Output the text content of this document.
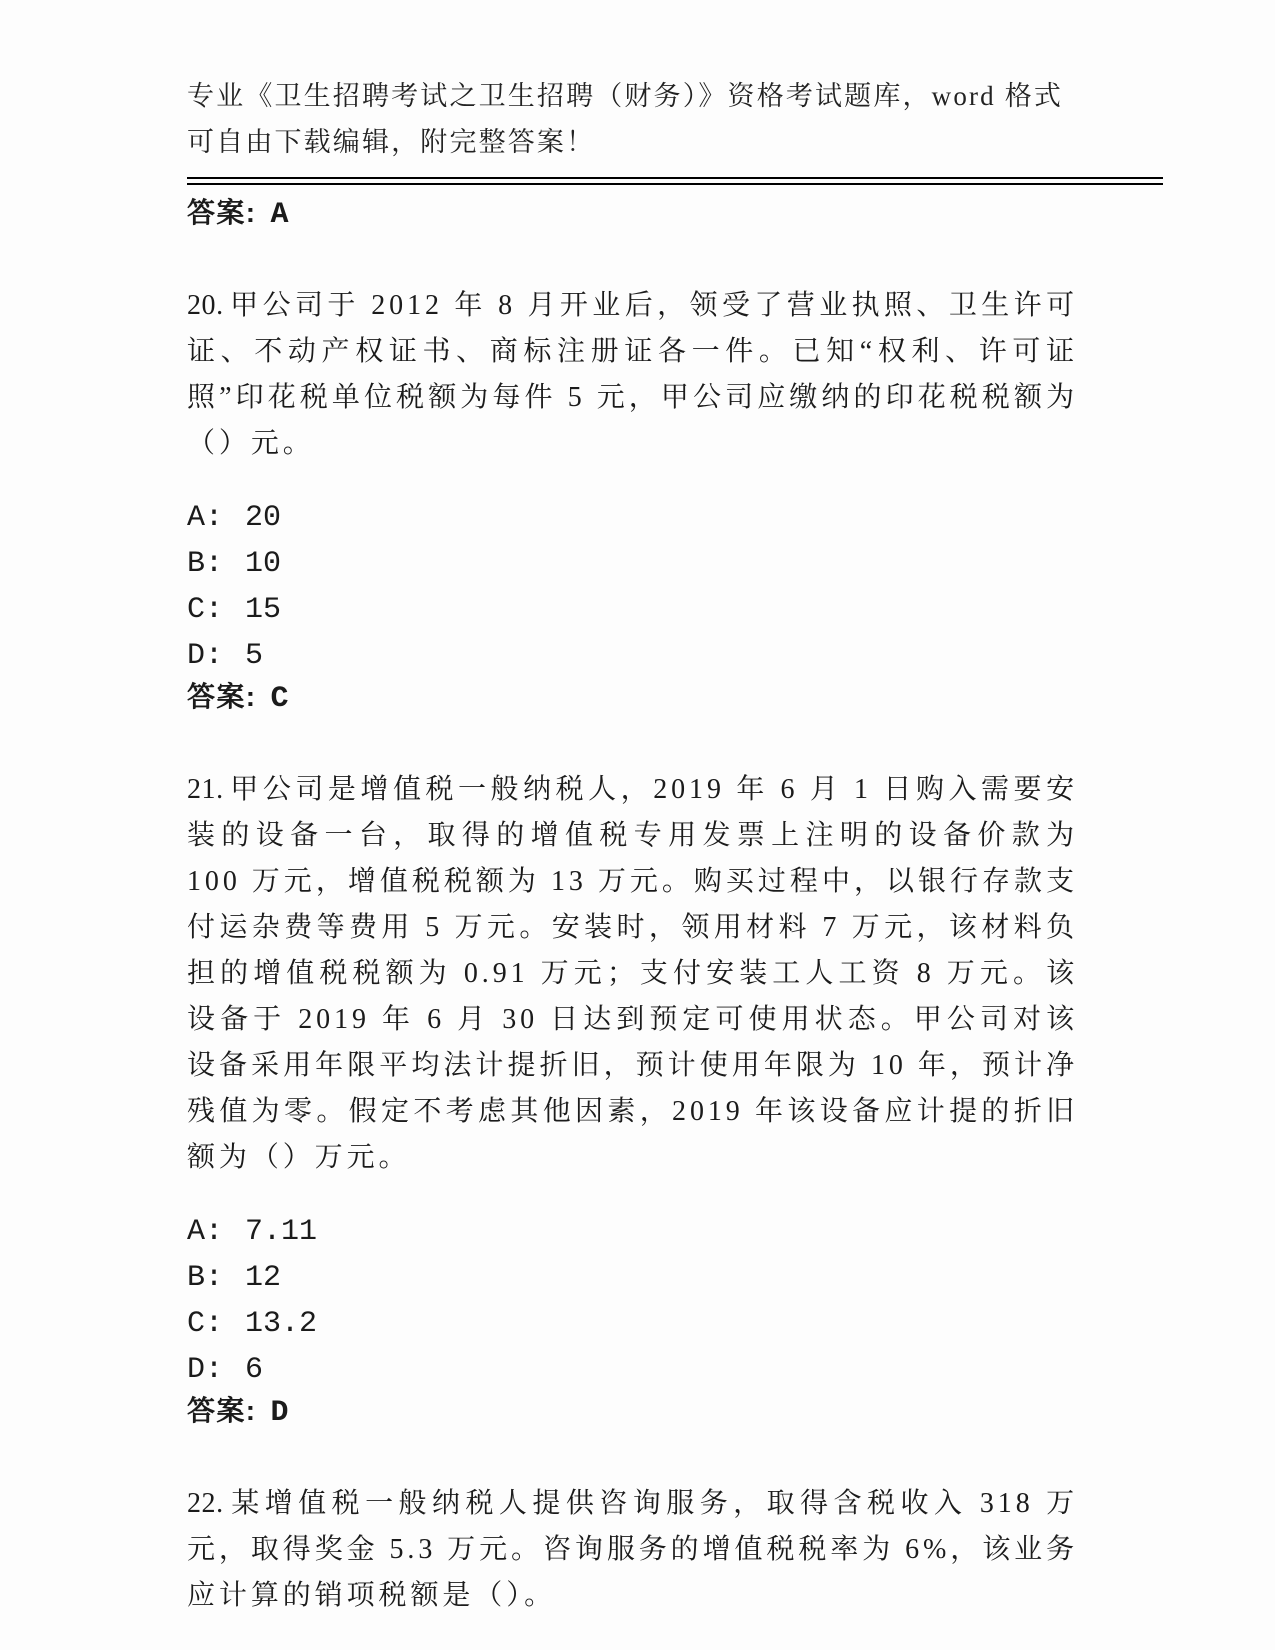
专业《卫生招聘考试之卫生招聘（财务）》资格考试题库，word 格式可自由下载编辑，附完整答案！
答案: A

20. 甲公司于 2012 年 8 月开业后，领受了营业执照、卫生许可证、不动产权证书、商标注册证各一件。已知“权利、许可证照”印花税单位税额为每件 5 元，甲公司应缴纳的印花税税额为（）元。

A: 20
B: 10
C: 15
D: 5
答案: C

21. 甲公司是增值税一般纳税人，2019 年 6 月 1 日购入需要安装的设备一台，取得的增值税专用发票上注明的设备价款为 100 万元，增值税税额为 13 万元。购买过程中，以银行存款支付运杂费等费用 5 万元。安装时，领用材料 7 万元，该材料负担的增值税税额为 0.91 万元；支付安装工人工资 8 万元。该设备于 2019 年 6 月 30 日达到预定可使用状态。甲公司对该设备采用年限平均法计提折旧，预计使用年限为 10 年，预计净残值为零。假定不考虑其他因素，2019 年该设备应计提的折旧额为（）万元。

A: 7.11
B: 12
C: 13.2
D: 6
答案: D

22. 某增值税一般纳税人提供咨询服务，取得含税收入 318 万元，取得奖金 5.3 万元。咨询服务的增值税税率为 6%，该业务应计算的销项税额是（）。
